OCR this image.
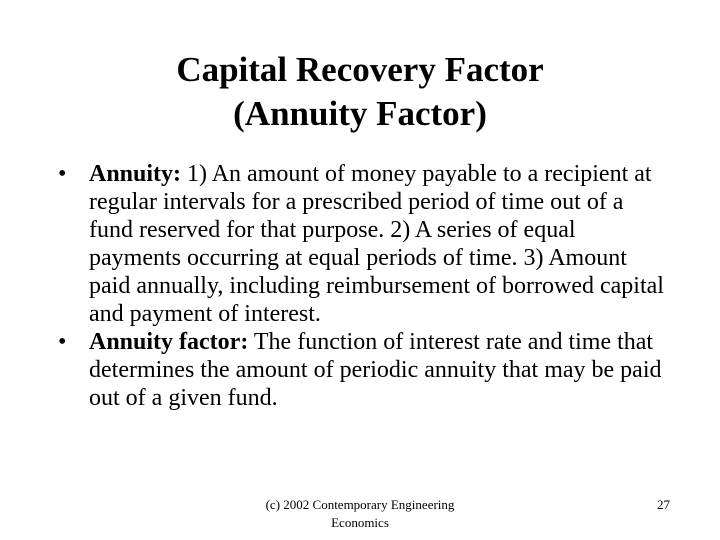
Capital Recovery Factor
(Annuity Factor)
• Annuity: 1) An amount of money payable to a recipient at regular intervals for a prescribed period of time out of a fund reserved for that purpose. 2) A series of equal payments occurring at equal periods of time. 3) Amount paid annually, including reimbursement of borrowed capital and payment of interest.
• Annuity factor: The function of interest rate and time that determines the amount of periodic annuity that may be paid out of a given fund.

(c) 2002 Contemporary Engineering Economics

27
